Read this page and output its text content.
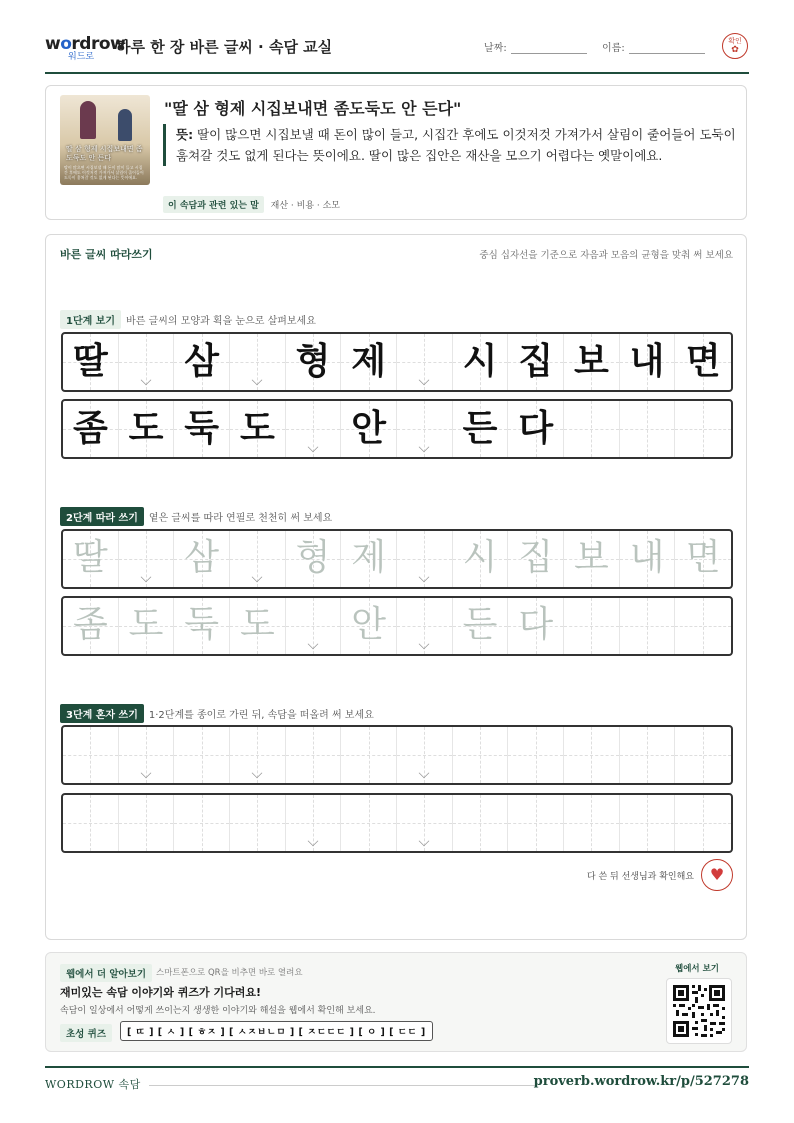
wordrow
워드로
하루 한 장 바른 글씨 · 속담 교실	날짜:	이름:
확인
✿
딸 삼 형제 시집보내면 좀도둑도 안 든다
딸이 많으면 시집보낼 때 돈이 많이 들고 시집간 후에도 이것저것 가져가서 살림이 줄어들어 도둑이 훔쳐갈 것도 없게 된다는 뜻이에요.
"딸 삼 형제 시집보내면 좀도둑도 안 든다"
뜻: 딸이 많으면 시집보낼 때 돈이 많이 들고, 시집간 후에도 이것저것 가져가서 살림이 줄어들어 도둑이 훔쳐갈 것도 없게 된다는 뜻이에요. 딸이 많은 집안은 재산을 모으기 어렵다는 옛말이에요.
이 속담과 관련 있는 말 재산 · 비용 · 소모
바른 글씨 따라쓰기	중심 십자선을 기준으로 자음과 모음의 균형을 맞춰 써 보세요
1단계 보기 바른 글씨의 모양과 획을 눈으로 살펴보세요
딸 삼 형 제 시 집 보 내 면
좀 도 둑 도 안 든 다
2단계 따라 쓰기 옅은 글씨를 따라 연필로 천천히 써 보세요
딸 삼 형 제 시 집 보 내 면
좀 도 둑 도 안 든 다
3단계 혼자 쓰기 1·2단계를 종이로 가린 뒤, 속담을 떠올려 써 보세요
다 쓴 뒤 선생님과 확인해요 ♥
웹에서 더 알아보기	스마트폰으로 QR을 비추면 바로 열려요
재미있는 속담 이야기와 퀴즈가 기다려요!
속담이 일상에서 어떻게 쓰이는지 생생한 이야기와 해설을 웹에서 확인해 보세요.
초성 퀴즈	[ ㄸ ] [ ㅅ ] [ ㅎㅈ ] [ ㅅㅈㅂㄴㅁ ] [ ㅈㄷㄷㄷ ] [ ㅇ ] [ ㄷㄷ ]
웹에서 보기
WORDROW 속담	proverb.wordrow.kr/p/527278
